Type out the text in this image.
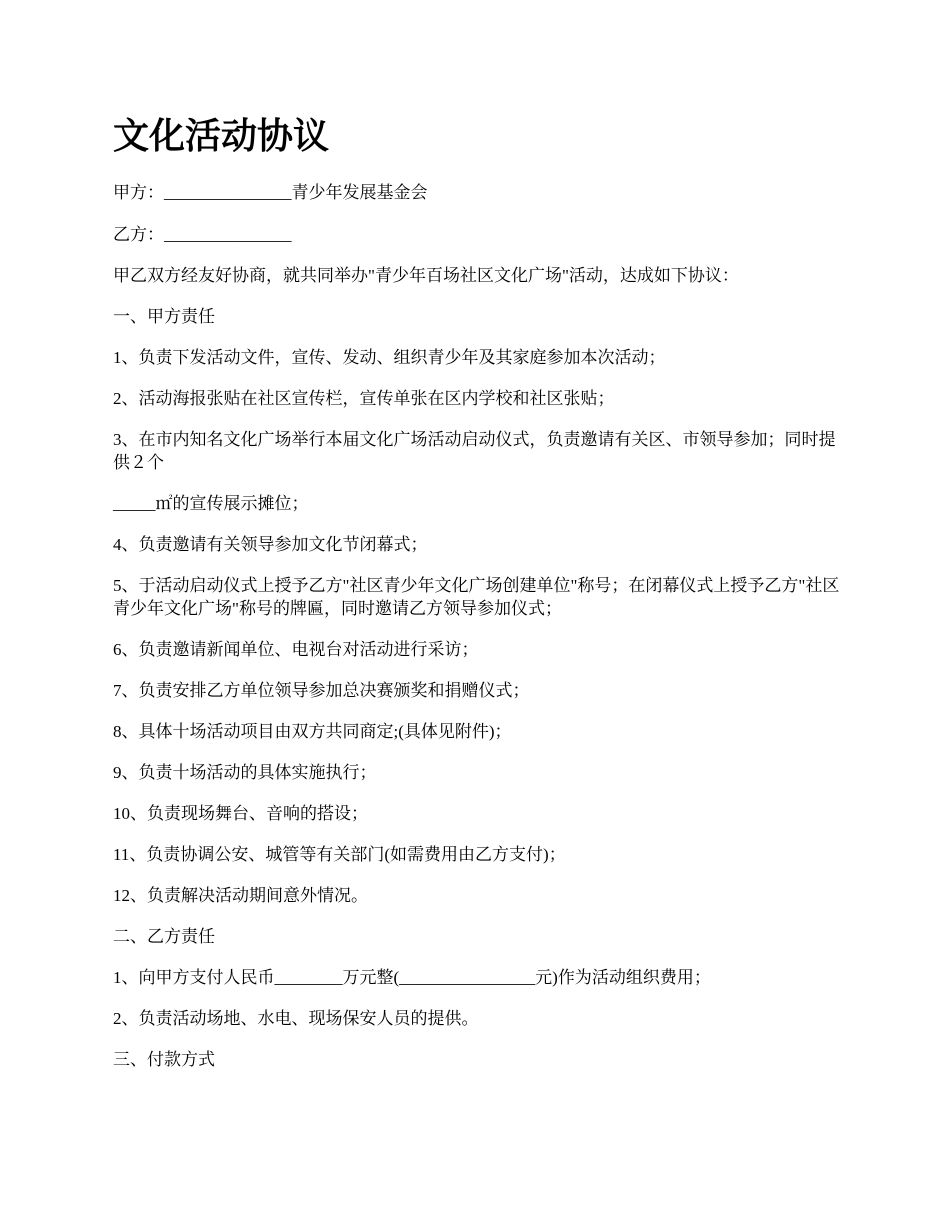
文化活动协议

甲方：_______________青少年发展基金会

乙方：_______________

甲乙双方经友好协商，就共同举办"青少年百场社区文化广场"活动，达成如下协议：

一、甲方责任

1、负责下发活动文件，宣传、发动、组织青少年及其家庭参加本次活动；

2、活动海报张贴在社区宣传栏，宣传单张在区内学校和社区张贴；

3、在市内知名文化广场举行本届文化广场活动启动仪式，负责邀请有关区、市领导参加；同时提供２个

_____㎡的宣传展示摊位；

4、负责邀请有关领导参加文化节闭幕式；

5、于活动启动仪式上授予乙方"社区青少年文化广场创建单位"称号；在闭幕仪式上授予乙方"社区青少年文化广场"称号的牌匾，同时邀请乙方领导参加仪式；

6、负责邀请新闻单位、电视台对活动进行采访；

7、负责安排乙方单位领导参加总决赛颁奖和捐赠仪式；

8、具体十场活动项目由双方共同商定;(具体见附件)；

9、负责十场活动的具体实施执行；

10、负责现场舞台、音响的搭设；

11、负责协调公安、城管等有关部门(如需费用由乙方支付)；

12、负责解决活动期间意外情况。

二、乙方责任

1、向甲方支付人民币________万元整(________________元)作为活动组织费用；

2、负责活动场地、水电、现场保安人员的提供。

三、付款方式
